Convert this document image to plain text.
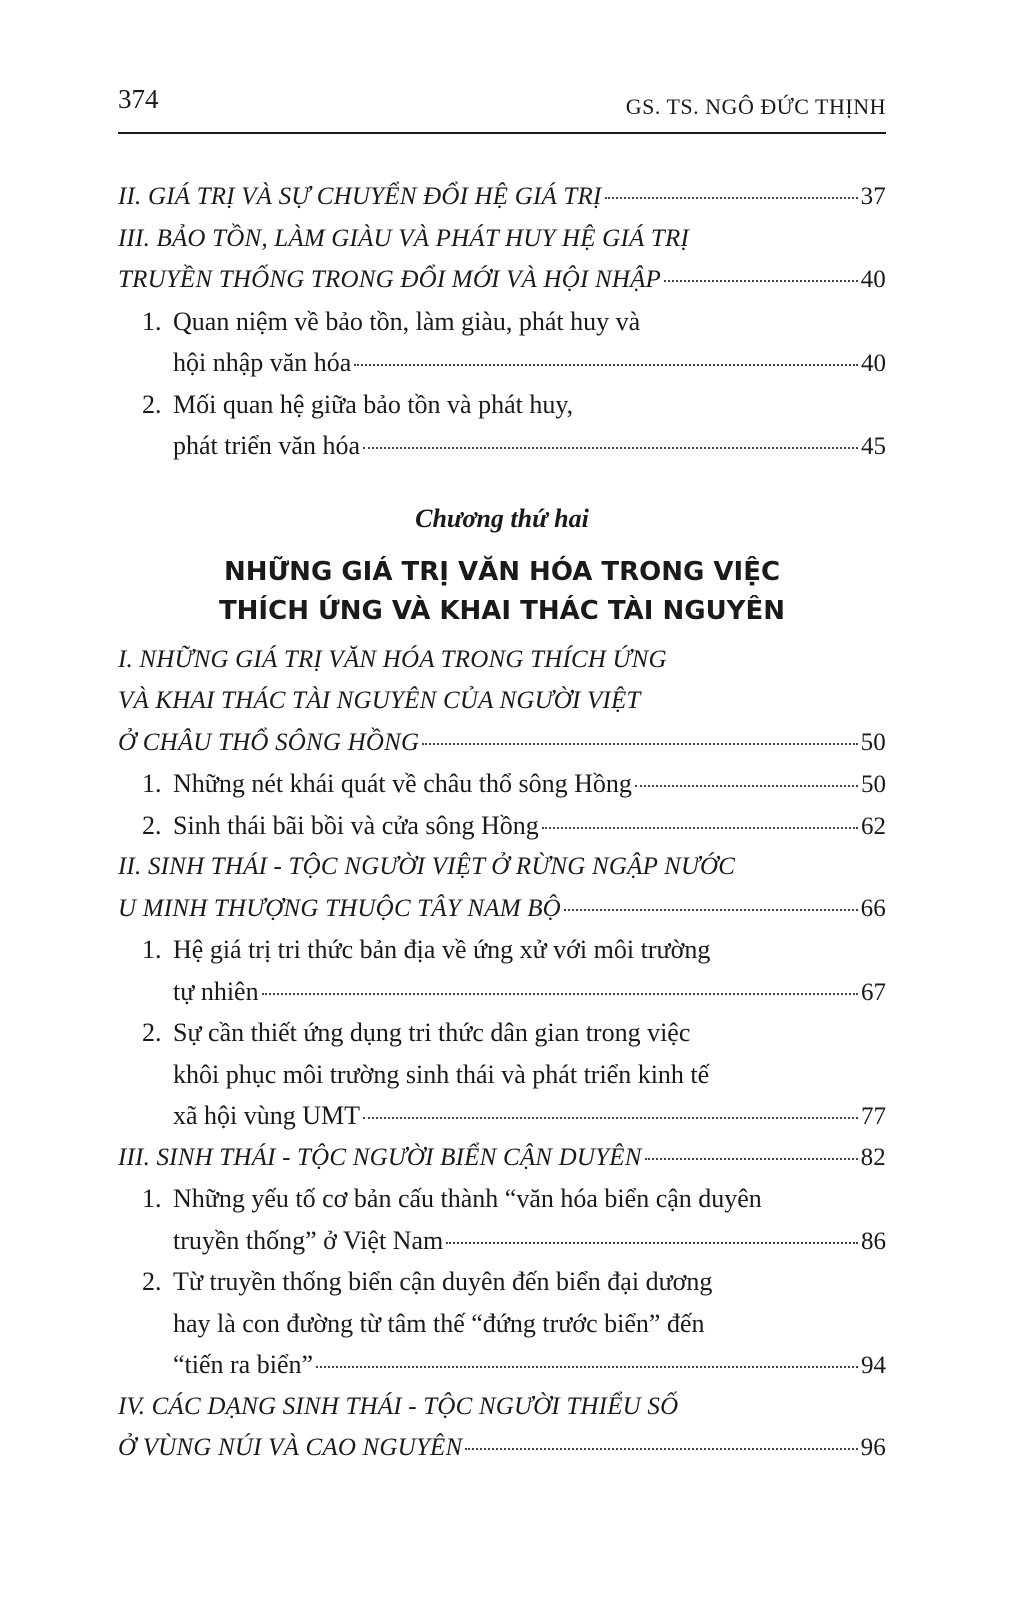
374	GS. TS. NGÔ ĐỨC THỊNH
II. GIÁ TRỊ VÀ SỰ CHUYỂN ĐỔI HỆ GIÁ TRỊ	37
III. BẢO TỒN, LÀM GIÀU VÀ PHÁT HUY HỆ GIÁ TRỊ
TRUYỀN THỐNG TRONG ĐỔI MỚI VÀ HỘI NHẬP	40
1. Quan niệm về bảo tồn, làm giàu, phát huy và
hội nhập văn hóa	40
2. Mối quan hệ giữa bảo tồn và phát huy,
phát triển văn hóa	45
Chương thứ hai
NHỮNG GIÁ TRỊ VĂN HÓA TRONG VIỆC
THÍCH ỨNG VÀ KHAI THÁC TÀI NGUYÊN
I. NHỮNG GIÁ TRỊ VĂN HÓA TRONG THÍCH ỨNG
VÀ KHAI THÁC TÀI NGUYÊN CỦA NGƯỜI VIỆT
Ở CHÂU THỔ SÔNG HỒNG	50
1. Những nét khái quát về châu thổ sông Hồng	50
2. Sinh thái bãi bồi và cửa sông Hồng	62
II. SINH THÁI - TỘC NGƯỜI VIỆT Ở RỪNG NGẬP NƯỚC
U MINH THƯỢNG THUỘC TÂY NAM BỘ	66
1. Hệ giá trị tri thức bản địa về ứng xử với môi trường
tự nhiên	67
2. Sự cần thiết ứng dụng tri thức dân gian trong việc
khôi phục môi trường sinh thái và phát triển kinh tế
xã hội vùng UMT	77
III. SINH THÁI - TỘC NGƯỜI BIỂN CẬN DUYÊN	82
1. Những yếu tố cơ bản cấu thành “văn hóa biển cận duyên
truyền thống” ở Việt Nam	86
2. Từ truyền thống biển cận duyên đến biển đại dương
hay là con đường từ tâm thế “đứng trước biển” đến
“tiến ra biển”	94
IV. CÁC DẠNG SINH THÁI - TỘC NGƯỜI THIỂU SỐ
Ở VÙNG NÚI VÀ CAO NGUYÊN	96
